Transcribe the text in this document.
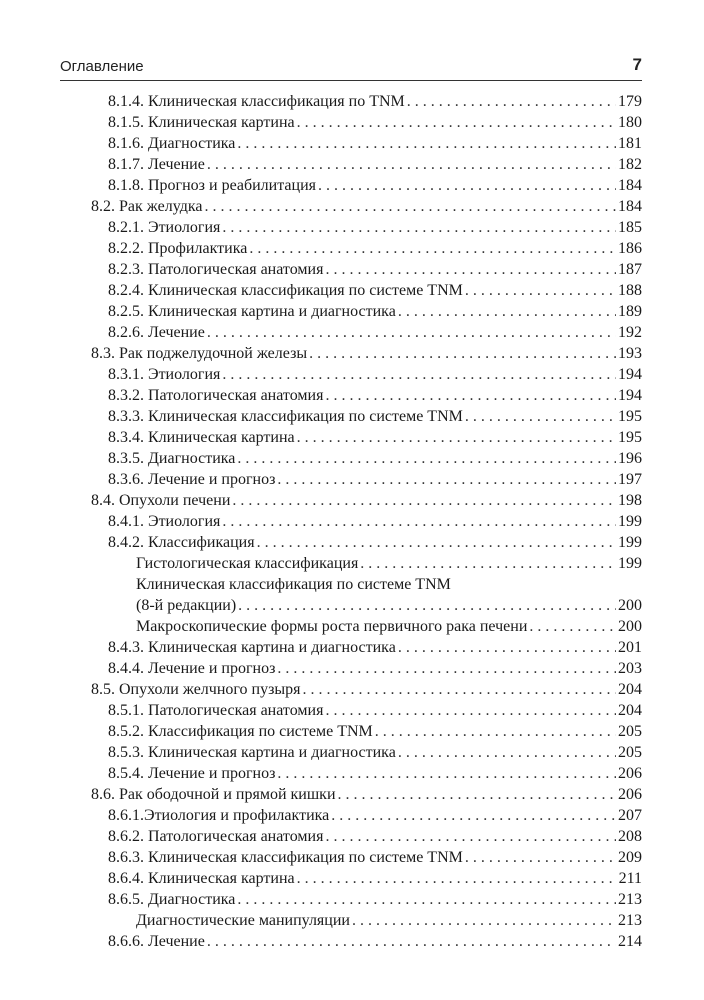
Оглавление	7
8.1.4. Клиническая классификация по TNM . . .	179
8.1.5. Клиническая картина . . .	180
8.1.6. Диагностика . . .	181
8.1.7. Лечение . . .	182
8.1.8. Прогноз и реабилитация . . .	184
8.2. Рак желудка . . .	184
8.2.1. Этиология . . .	185
8.2.2. Профилактика . . .	186
8.2.3. Патологическая анатомия . . .	187
8.2.4. Клиническая классификация по системе TNM . . .	188
8.2.5. Клиническая картина и диагностика . . .	189
8.2.6. Лечение . . .	192
8.3. Рак поджелудочной железы . . .	193
8.3.1. Этиология . . .	194
8.3.2. Патологическая анатомия . . .	194
8.3.3. Клиническая классификация по системе TNM . . .	195
8.3.4. Клиническая картина . . .	195
8.3.5. Диагностика . . .	196
8.3.6. Лечение и прогноз . . .	197
8.4. Опухоли печени . . .	198
8.4.1. Этиология . . .	199
8.4.2. Классификация . . .	199
Гистологическая классификация . . .	199
Клиническая классификация по системе TNM
(8-й редакции) . . .	200
Макроскопические формы роста первичного рака печени . . .	200
8.4.3. Клиническая картина и диагностика . . .	201
8.4.4. Лечение и прогноз . . .	203
8.5. Опухоли желчного пузыря . . .	204
8.5.1. Патологическая анатомия . . .	204
8.5.2. Классификация по системе TNM . . .	205
8.5.3. Клиническая картина и диагностика . . .	205
8.5.4. Лечение и прогноз . . .	206
8.6. Рак ободочной и прямой кишки . . .	206
8.6.1.Этиология и профилактика . . .	207
8.6.2. Патологическая анатомия . . .	208
8.6.3. Клиническая классификация по системе TNM . . .	209
8.6.4. Клиническая картина . . .	211
8.6.5. Диагностика . . .	213
Диагностические манипуляции . . .	213
8.6.6. Лечение . . .	214
